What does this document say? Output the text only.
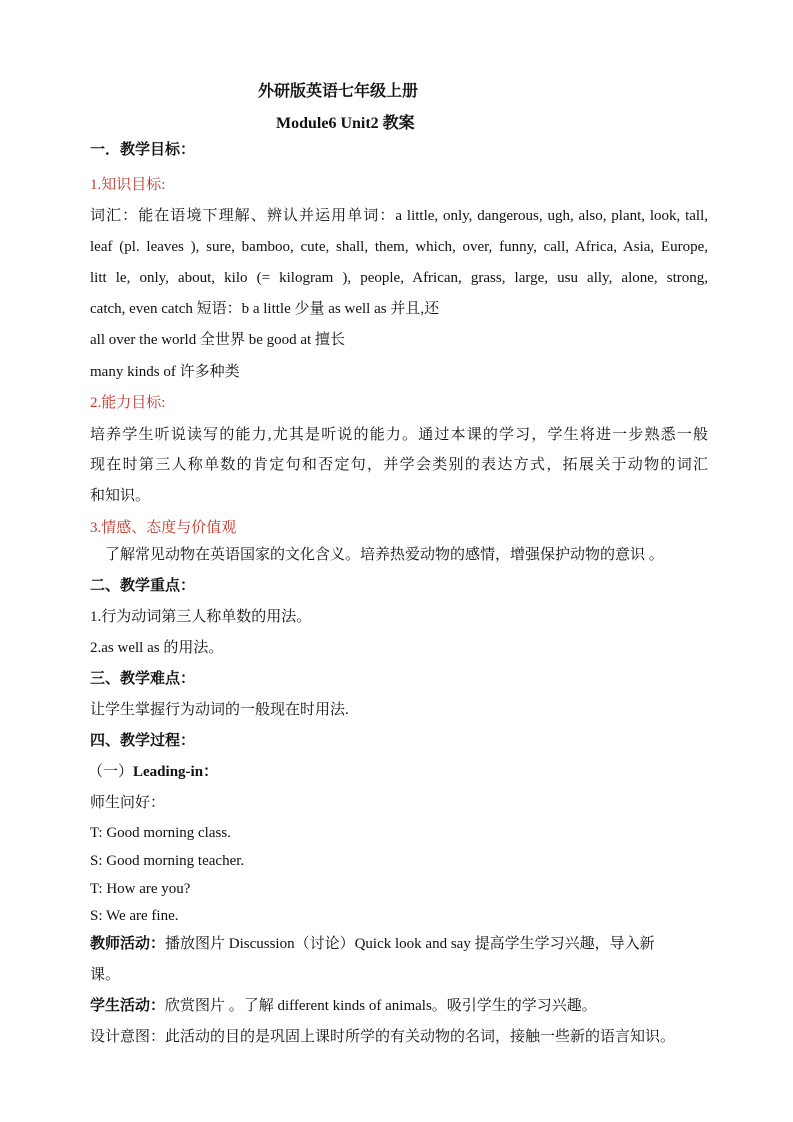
外研版英语七年级上册
Module6 Unit2 教案
一．教学目标：
1.知识目标:
词汇：能在语境下理解、辨认并运用单词：a little, only, dangerous, ugh, also, plant, look, tall,
leaf (pl. leaves ), sure, bamboo, cute, shall, them, which, over, funny, call, Africa, Asia, Europe,
litt le, only, about, kilo (= kilogram ), people, African, grass, large, usu ally, alone, strong,
catch, even catch 短语：b a little 少量 as well as 并且,还
all over the world 全世界 be good at 擅长
many kinds of 许多种类
2.能力目标:
培养学生听说读写的能力,尤其是听说的能力。通过本课的学习，学生将进一步熟悉一般
现在时第三人称单数的肯定句和否定句，并学会类别的表达方式，拓展关于动物的词汇
和知识。
3.情感、态度与价值观
了解常见动物在英语国家的文化含义。培养热爱动物的感情，增强保护动物的意识 。
二、教学重点：
1.行为动词第三人称单数的用法。
2.as well as 的用法。
三、教学难点：
让学生掌握行为动词的一般现在时用法.
四、教学过程：
（一）Leading-in：
师生问好：
T: Good morning class.
S: Good morning teacher.
T: How are you?
S: We are fine.
教师活动：播放图片 Discussion（讨论）Quick look and say 提高学生学习兴趣，导入新
课。
学生活动：欣赏图片 。了解 different kinds of animals。吸引学生的学习兴趣。
设计意图：此活动的目的是巩固上课时所学的有关动物的名词，接触一些新的语言知识。
